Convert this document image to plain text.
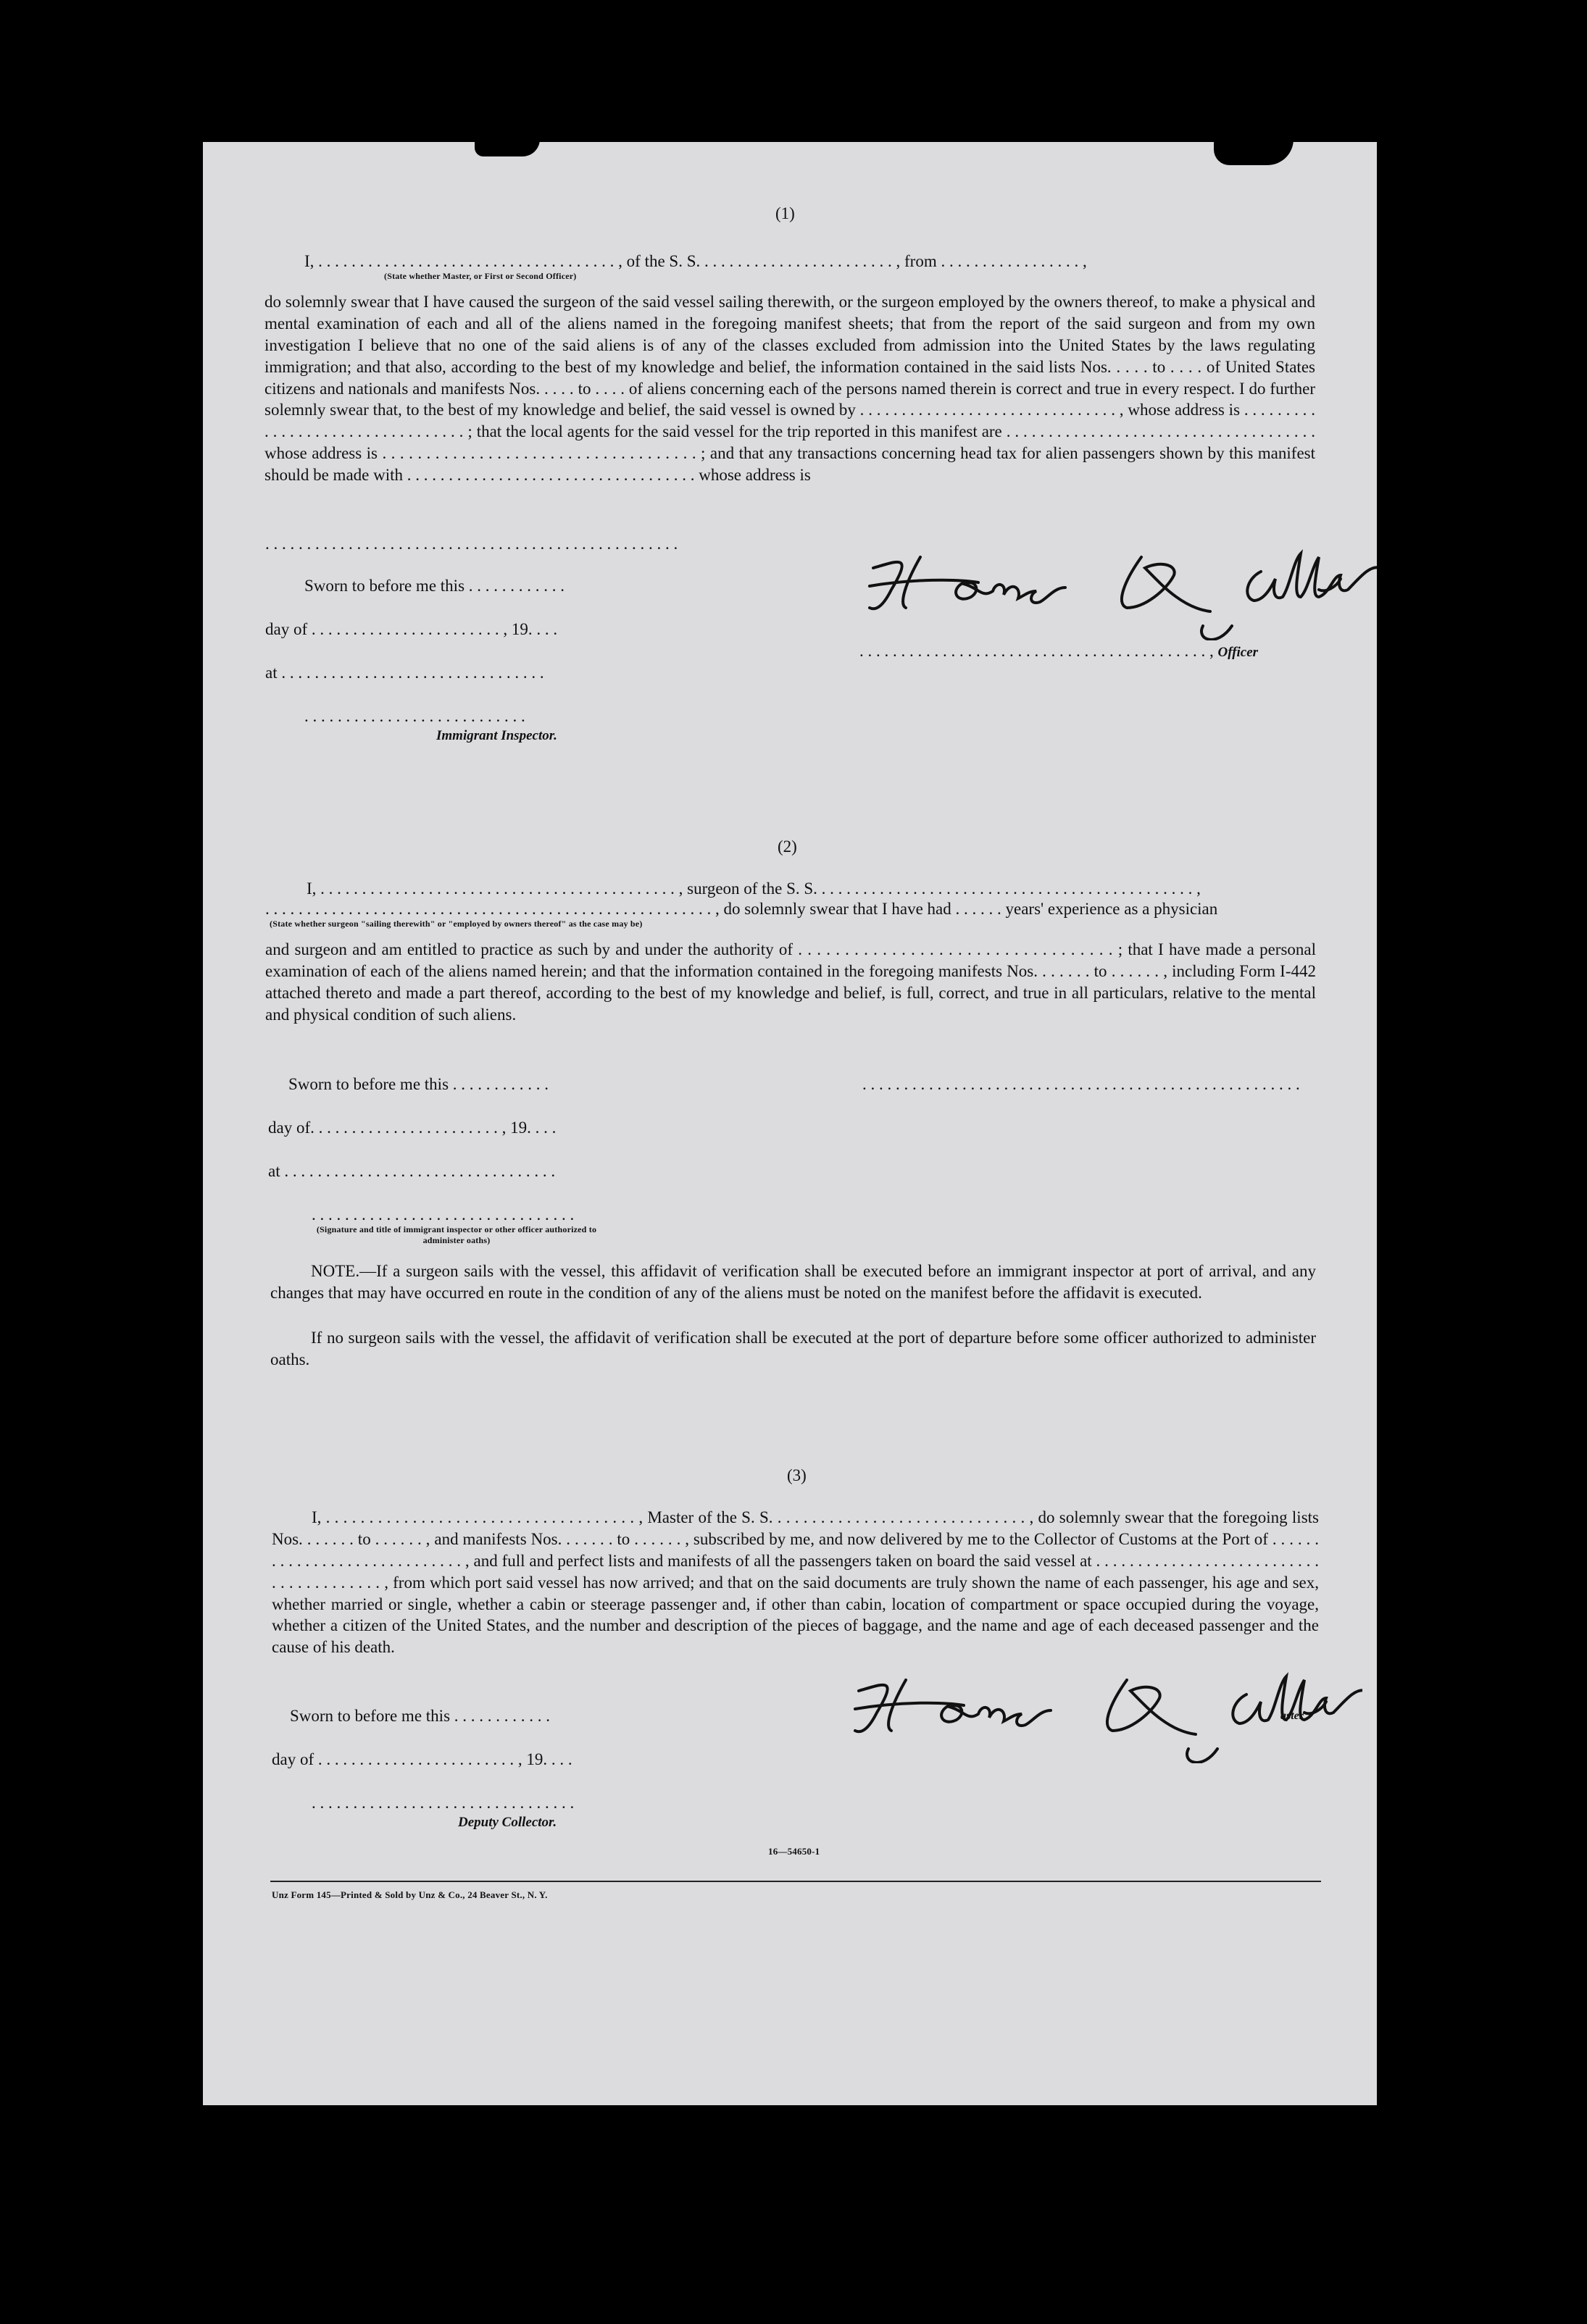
(1)
I, . . . . . . . . . . . . . . . . . . . . . . . . . . . . . . . . . . . . , of the S. S. . . . . . . . . . . . . . . . . . . . . . . . , from . . . . . . . . . . . . . . . . . ,
(State whether Master, or First or Second Officer)
do solemnly swear that I have caused the surgeon of the said vessel sailing therewith, or the surgeon employed by the owners thereof, to make a physical and mental examination of each and all of the aliens named in the foregoing manifest sheets; that from the report of the said surgeon and from my own investigation I believe that no one of the said aliens is of any of the classes excluded from admission into the United States by the laws regulating immigration; and that also, according to the best of my knowledge and belief, the information contained in the said lists Nos. . . . . to . . . . of United States citizens and nationals and manifests Nos. . . . . to . . . . of aliens concerning each of the persons named therein is correct and true in every respect. I do further solemnly swear that, to the best of my knowledge and belief, the said vessel is owned by . . . . . . . . . . . . . . . . . . . . . . . . . . . . . . . , whose address is . . . . . . . . . . . . . . . . . . . . . . . . . . . . . . . . . ; that the local agents for the said vessel for the trip reported in this manifest are . . . . . . . . . . . . . . . . . . . . . . . . . . . . . . . . . . . . . whose address is . . . . . . . . . . . . . . . . . . . . . . . . . . . . . . . . . . . . ; and that any transactions concerning head tax for alien passengers shown by this manifest should be made with . . . . . . . . . . . . . . . . . . . . . . . . . . . . . . . . . . . whose address is
. . . . . . . . . . . . . . . . . . . . . . . . . . . . . . . . . . . . . . . . . . . . . . . . . .
Sworn to before me this . . . . . . . . . . . .
day of . . . . . . . . . . . . . . . . . . . . . . . , 19. . . .
at . . . . . . . . . . . . . . . . . . . . . . . . . . . . . . . .
. . . . . . . . . . . . . . . . . . . . . . . . . . .
Immigrant Inspector.
. . . . . . . . . . . . . . . . . . . . . . . . . . . . . . . . . . . . . . . . . . , Officer
(2)
I, . . . . . . . . . . . . . . . . . . . . . . . . . . . . . . . . . . . . . . . . . . . , surgeon of the S. S. . . . . . . . . . . . . . . . . . . . . . . . . . . . . . . . . . . . . . . . . . . . . . ,
. . . . . . . . . . . . . . . . . . . . . . . . . . . . . . . . . . . . . . . . . . . . . . . . . . . . . . , do solemnly swear that I have had . . . . . . years' experience as a physician
(State whether surgeon "sailing therewith" or "employed by owners thereof" as the case may be)
and surgeon and am entitled to practice as such by and under the authority of . . . . . . . . . . . . . . . . . . . . . . . . . . . . . . . . . . ; that I have made a personal examination of each of the aliens named herein; and that the information contained in the foregoing manifests Nos. . . . . . . to . . . . . . , including Form I-442 attached thereto and made a part thereof, according to the best of my knowledge and belief, is full, correct, and true in all particulars, relative to the mental and physical condition of such aliens.
Sworn to before me this . . . . . . . . . . . .	. . . . . . . . . . . . . . . . . . . . . . . . . . . . . . . . . . . . . . . . . . . . . . . . . . . . .
day of. . . . . . . . . . . . . . . . . . . . . . . , 19. . . .
at . . . . . . . . . . . . . . . . . . . . . . . . . . . . . . . . .
. . . . . . . . . . . . . . . . . . . . . . . . . . . . . . . .
(Signature and title of immigrant inspector or other officer authorized to administer oaths)
NOTE.—If a surgeon sails with the vessel, this affidavit of verification shall be executed before an immigrant inspector at port of arrival, and any changes that may have occurred en route in the condition of any of the aliens must be noted on the manifest before the affidavit is executed.
If no surgeon sails with the vessel, the affidavit of verification shall be executed at the port of departure before some officer authorized to administer oaths.
(3)
I, . . . . . . . . . . . . . . . . . . . . . . . . . . . . . . . . . . . . , Master of the S. S. . . . . . . . . . . . . . . . . . . . . . . . . . . . . . , do solemnly swear that the foregoing lists Nos. . . . . . . to . . . . . . , and manifests Nos. . . . . . . to . . . . . . , subscribed by me, and now delivered by me to the Collector of Customs at the Port of . . . . . . . . . . . . . . . . . . . . . . . . . . . . . , and full and perfect lists and manifests of all the passengers taken on board the said vessel at . . . . . . . . . . . . . . . . . . . . . . . . . . . . . . . . . . . . . . . . , from which port said vessel has now arrived; and that on the said documents are truly shown the name of each passenger, his age and sex, whether married or single, whether a cabin or steerage passenger and, if other than cabin, location of compartment or space occupied during the voyage, whether a citizen of the United States, and the number and description of the pieces of baggage, and the name and age of each deceased passenger and the cause of his death.
Sworn to before me this . . . . . . . . . . . .
day of . . . . . . . . . . . . . . . . . . . . . . . . , 19. . . .
. . . . . . . . . . . . . . . . . . . . . . . . . . . . . . . .
Deputy Collector.
aster
16—54650-1
Unz Form 145—Printed & Sold by Unz & Co., 24 Beaver St., N. Y.
